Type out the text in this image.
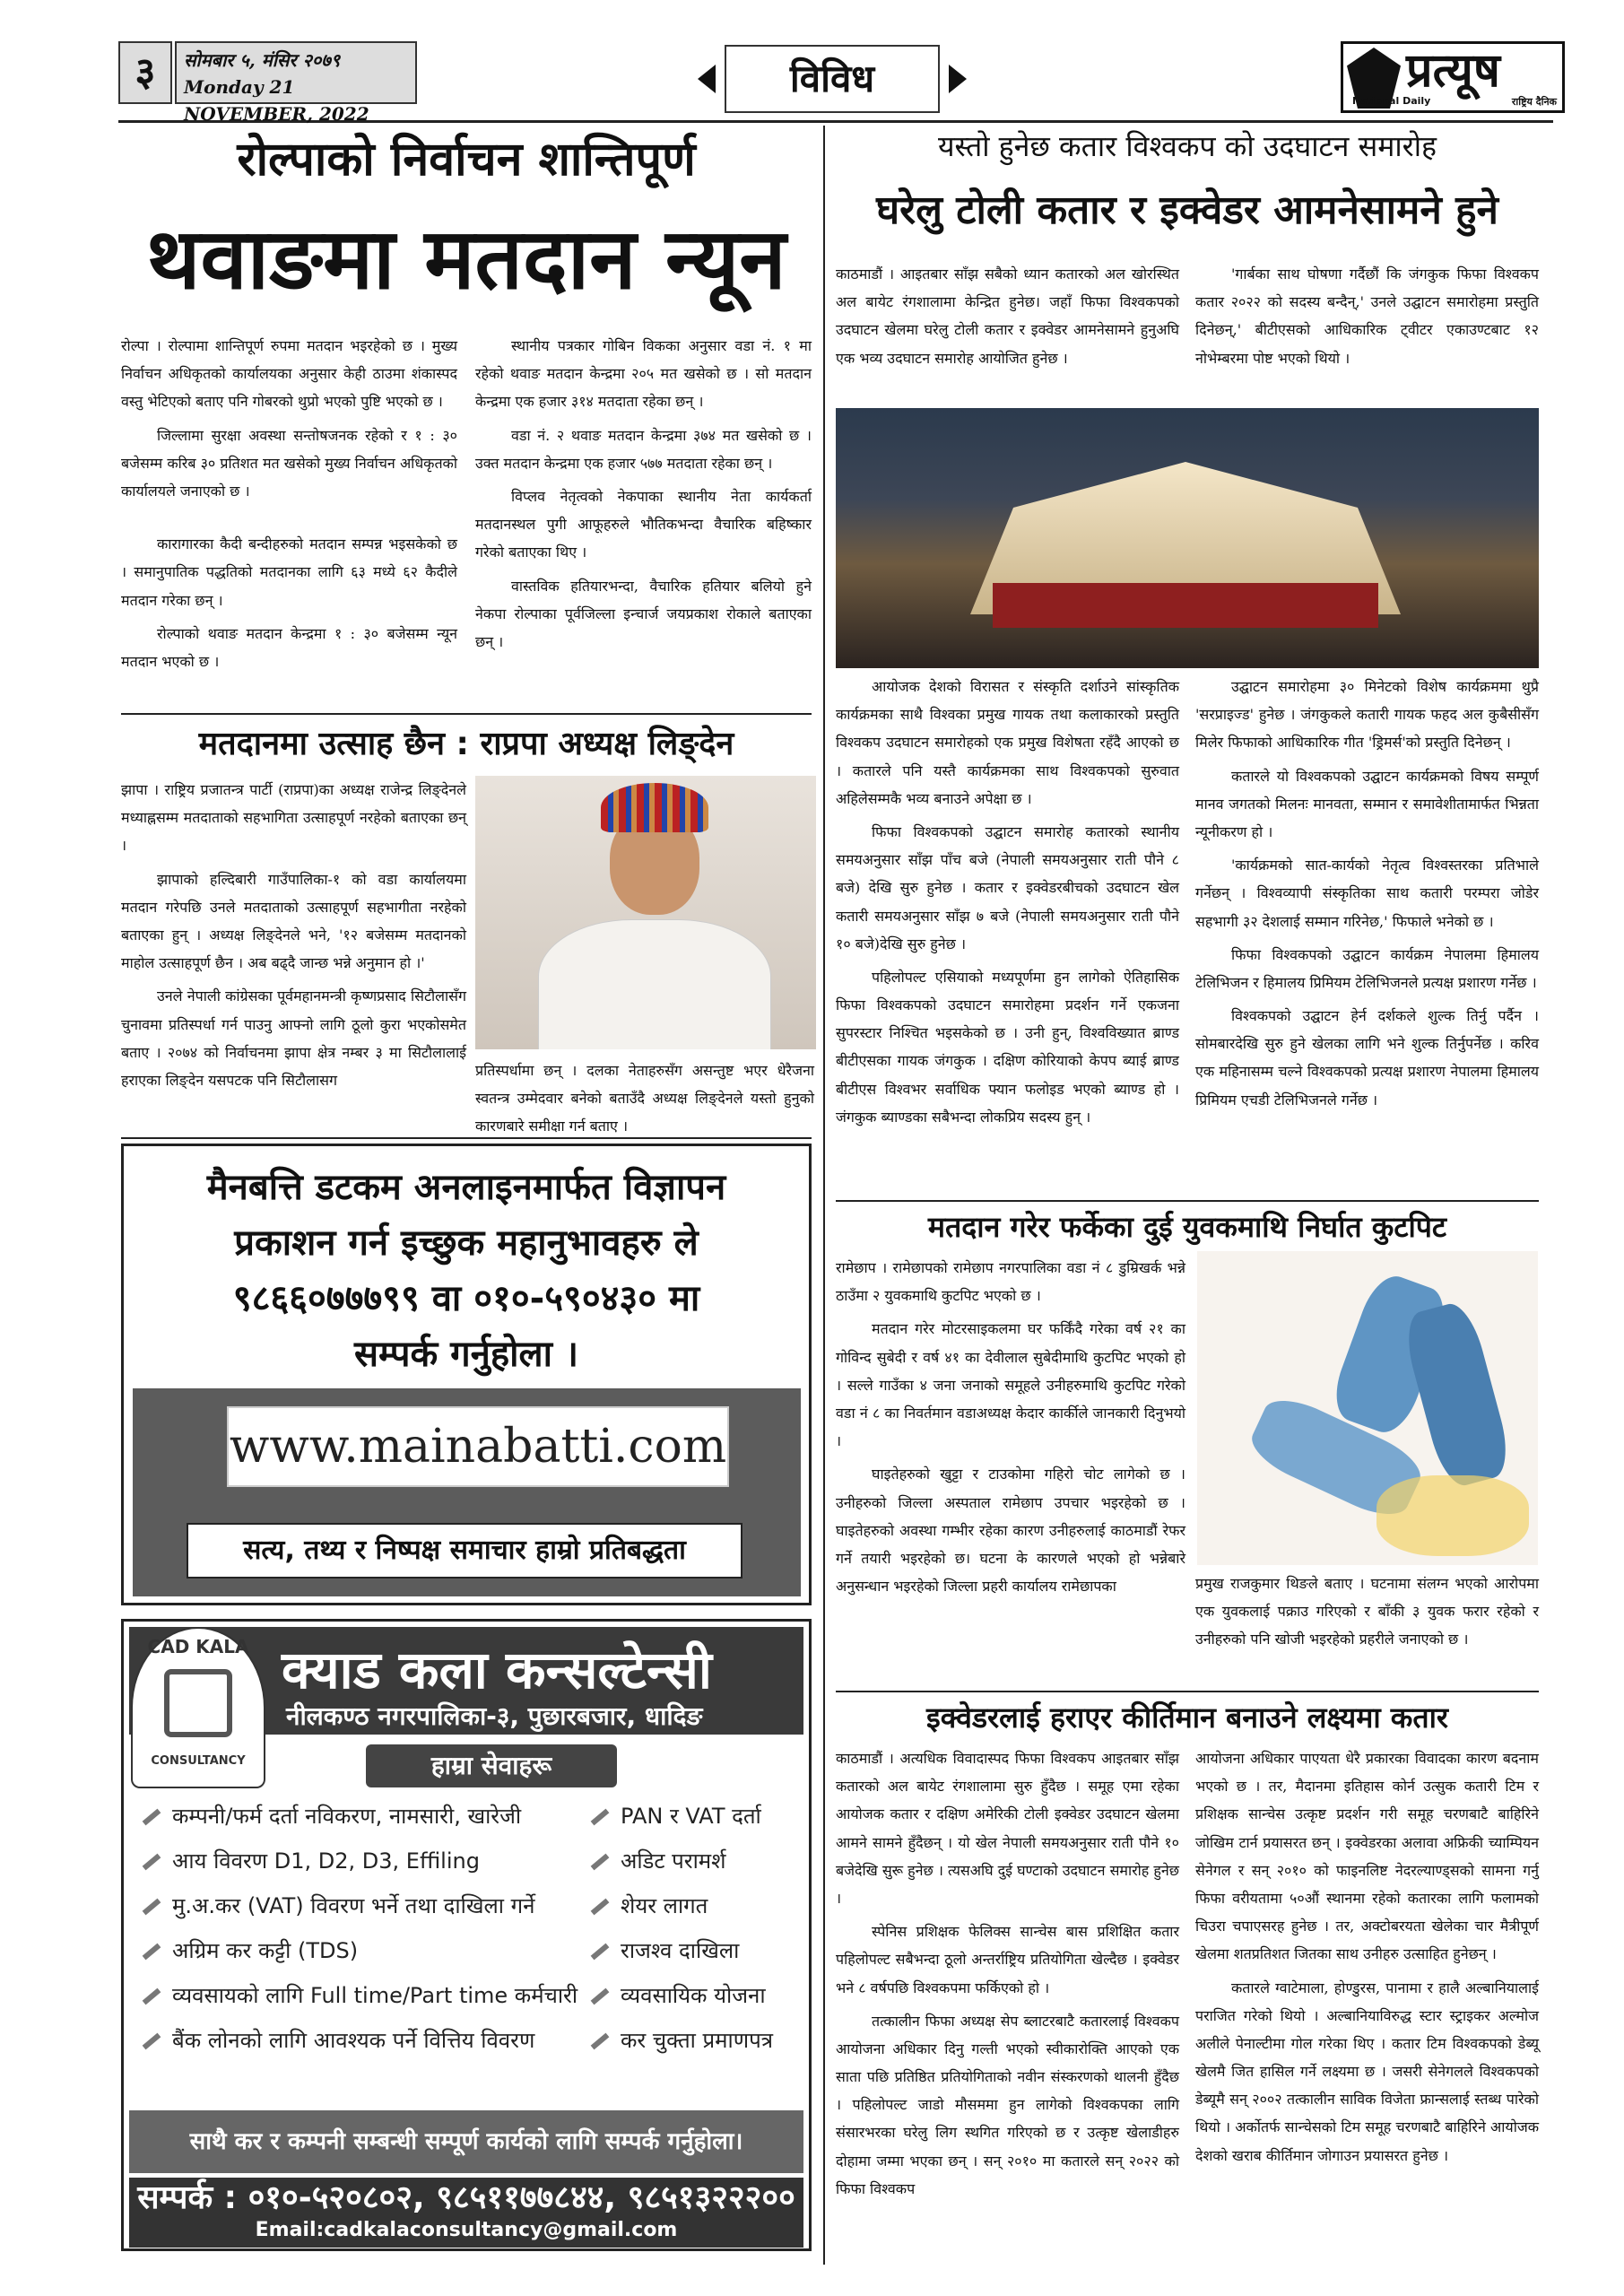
३	सोमबार ५, मंसिर २०७९
Monday 21 NOVEMBER, 2022
विविध	प्रत्यूष
National Daily	राष्ट्रिय दैनिक
रोल्पाको निर्वाचन शान्तिपूर्ण
थवाङमा मतदान न्यून

रोल्पा । रोल्पामा शान्तिपूर्ण रुपमा मतदान भइरहेको छ । मुख्य निर्वाचन अधिकृतको कार्यालयका अनुसार केही ठाउमा शंकास्पद वस्तु भेटिएको बताए पनि गोबरको थुप्रो भएको पुष्टि भएको छ ।

जिल्लामा सुरक्षा अवस्था सन्तोषजनक रहेको र १ : ३० बजेसम्म करिब ३० प्रतिशत मत खसेको मुख्य निर्वाचन अधिकृतको कार्यालयले जनाएको छ ।

कारागारका कैदी बन्दीहरुको मतदान सम्पन्न भइसकेको छ । समानुपातिक पद्धतिको मतदानका लागि ६३ मध्ये ६२ कैदीले मतदान गरेका छन् ।

रोल्पाको थवाङ मतदान केन्द्रमा १ : ३० बजेसम्म न्यून मतदान भएको छ ।

स्थानीय पत्रकार गोबिन विकका अनुसार वडा नं. १ मा रहेको थवाङ मतदान केन्द्रमा २०५ मत खसेको छ । सो मतदान केन्द्रमा एक हजार ३१४ मतदाता रहेका छन् ।

वडा नं. २ थवाङ मतदान केन्द्रमा ३७४ मत खसेको छ । उक्त मतदान केन्द्रमा एक हजार ५७७ मतदाता रहेका छन् ।

विप्लव नेतृत्वको नेकपाका स्थानीय नेता कार्यकर्ता मतदानस्थल पुगी आफूहरुले भौतिकभन्दा वैचारिक बहिष्कार गरेको बताएका थिए ।

वास्तविक हतियारभन्दा, वैचारिक हतियार बलियो हुने नेकपा रोल्पाका पूर्वजिल्ला इन्चार्ज जयप्रकाश रोकाले बताएका छन् ।

मतदानमा उत्साह छैन : राप्रपा अध्यक्ष लिङ्देन

झापा । राष्ट्रिय प्रजातन्त्र पार्टी (राप्रपा)का अध्यक्ष राजेन्द्र लिङ्देनले मध्याह्नसम्म मतदाताको सहभागिता उत्साहपूर्ण नरहेको बताएका छन् ।

झापाको हल्दिबारी गाउँपालिका-१ को वडा कार्यालयमा मतदान गरेपछि उनले मतदाताको उत्साहपूर्ण सहभागीता नरहेको बताएका हुन् । अध्यक्ष लिङ्देनले भने, '१२ बजेसम्म मतदानको माहोल उत्साहपूर्ण छैन । अब बढ्दै जान्छ भन्ने अनुमान हो ।'

उनले नेपाली कांग्रेसका पूर्वमहानमन्त्री कृष्णप्रसाद सिटौलासँग चुनावमा प्रतिस्पर्धा गर्न पाउनु आफ्नो लागि ठूलो कुरा भएकोसमेत बताए । २०७४ को निर्वाचनमा झापा क्षेत्र नम्बर ३ मा सिटौलालाई हराएका लिङ्देन यसपटक पनि सिटौलासग

प्रतिस्पर्धामा छन् । दलका नेताहरुसँग असन्तुष्ट भएर धेरैजना स्वतन्त्र उम्मेदवार बनेको बताउँदै अध्यक्ष लिङ्देनले यस्तो हुनुको कारणबारे समीक्षा गर्न बताए ।

मैनबत्ति डटकम अनलाइनमार्फत विज्ञापन
प्रकाशन गर्न इच्छुक महानुभावहरु ले
९८६६०७७७९९ वा ०१०-५९०४३० मा
सम्पर्क गर्नुहोला ।
www.mainabatti.com
सत्य, तथ्य र निष्पक्ष समाचार हाम्रो प्रतिबद्धता
क्याड कला कन्सल्टेन्सी
नीलकण्ठ नगरपालिका-३, पुछारबजार, धादिङ
CAD KALA
CONSULTANCY	हाम्रा सेवाहरू
कम्पनी/फर्म दर्ता नविकरण, नामसारी, खारेजी
आय विवरण D1, D2, D3, Effiling
मु.अ.कर (VAT) विवरण भर्ने तथा दाखिला गर्ने
अग्रिम कर कट्टी (TDS)
व्यवसायको लागि Full time/Part time कर्मचारी
बैंक लोनको लागि आवश्यक पर्ने वित्तिय विवरण
PAN र VAT दर्ता
अडिट परामर्श
शेयर लागत
राजश्व दाखिला
व्यवसायिक योजना
कर चुक्ता प्रमाणपत्र
साथै कर र कम्पनी सम्बन्धी सम्पूर्ण कार्यको लागि सम्पर्क गर्नुहोला।
सम्पर्क : ०१०-५२०८०२, ९८५११७७८४४, ९८५१३२२२००
Email:cadkalaconsultancy@gmail.com
यस्तो हुनेछ कतार विश्वकप को उदघाटन समारोह
घरेलु टोली कतार र इक्वेडर आमनेसामने हुने

काठमाडौं । आइतबार साँझ सबैको ध्यान कतारको अल खोरस्थित अल बायेट रंगशालामा केन्द्रित हुनेछ। जहाँ फिफा विश्वकपको उदघाटन खेलमा घरेलु टोली कतार र इक्वेडर आमनेसामने हुनुअघि एक भव्य उदघाटन समारोह आयोजित हुनेछ ।

'गार्बका साथ घोषणा गर्दैछौं कि जंगकुक फिफा विश्वकप कतार २०२२ को सदस्य बन्दैन्,' उनले उद्घाटन समारोहमा प्रस्तुति दिनेछन्,' बीटीएसको आधिकारिक ट्वीटर एकाउण्टबाट १२ नोभेम्बरमा पोष्ट भएको थियो ।

आयोजक देशको विरासत र संस्कृति दर्शाउने सांस्कृतिक कार्यक्रमका साथै विश्वका प्रमुख गायक तथा कलाकारको प्रस्तुति विश्वकप उदघाटन समारोहको एक प्रमुख विशेषता रहँदै आएको छ । कतारले पनि यस्तै कार्यक्रमका साथ विश्वकपको सुरुवात अहिलेसम्मकै भव्य बनाउने अपेक्षा छ ।

फिफा विश्वकपको उद्घाटन समारोह कतारको स्थानीय समयअनुसार साँझ पाँच बजे (नेपाली समयअनुसार राती पौने ८ बजे) देखि सुरु हुनेछ । कतार र इक्वेडरबीचको उदघाटन खेल कतारी समयअनुसार साँझ ७ बजे (नेपाली समयअनुसार राती पौने १० बजे)देखि सुरु हुनेछ ।

पहिलोपल्ट एसियाको मध्यपूर्णमा हुन लागेको ऐतिहासिक फिफा विश्वकपको उदघाटन समारोहमा प्रदर्शन गर्ने एकजना सुपरस्टार निश्चित भइसकेको छ । उनी हुन्, विश्वविख्यात ब्राण्ड बीटीएसका गायक जंगकुक । दक्षिण कोरियाको केपप ब्याई ब्राण्ड बीटीएस विश्वभर सर्वाधिक फ्यान फलोइड भएको ब्याण्ड हो । जंगकुक ब्याण्डका सबैभन्दा लोकप्रिय सदस्य हुन् ।

उद्घाटन समारोहमा ३० मिनेटको विशेष कार्यक्रममा थुप्रै 'सरप्राइज्ड' हुनेछ । जंगकुकले कतारी गायक फहद अल कुबैसीसँग मिलेर फिफाको आधिकारिक गीत 'ड्रिमर्स'को प्रस्तुति दिनेछन् ।

कतारले यो विश्वकपको उद्घाटन कार्यक्रमको विषय सम्पूर्ण मानव जगतको मिलनः मानवता, सम्मान र समावेशीतामार्फत भिन्नता न्यूनीकरण हो ।

'कार्यक्रमको सात-कार्यको नेतृत्व विश्वस्तरका प्रतिभाले गर्नेछन् । विश्वव्यापी संस्कृतिका साथ कतारी परम्परा जोडेर सहभागी ३२ देशलाई सम्मान गरिनेछ,' फिफाले भनेको छ ।

फिफा विश्वकपको उद्घाटन कार्यक्रम नेपालमा हिमालय टेलिभिजन र हिमालय प्रिमियम टेलिभिजनले प्रत्यक्ष प्रशारण गर्नेछ ।

विश्वकपको उद्घाटन हेर्न दर्शकले शुल्क तिर्नु पर्दैन । सोमबारदेखि सुरु हुने खेलका लागि भने शुल्क तिर्नुपर्नेछ । करिव एक महिनासम्म चल्ने विश्वकपको प्रत्यक्ष प्रशारण नेपालमा हिमालय प्रिमियम एचडी टेलिभिजनले गर्नेछ ।

मतदान गरेर फर्केका दुई युवकमाथि निर्घात कुटपिट

रामेछाप । रामेछापको रामेछाप नगरपालिका वडा नं ८ डुम्रिखर्क भन्ने ठाउँमा २ युवकमाथि कुटपिट भएको छ ।

मतदान गरेर मोटरसाइकलमा घर फर्किंदै गरेका वर्ष २१ का गोविन्द सुबेदी र वर्ष ४१ का देवीलाल सुबेदीमाथि कुटपिट भएको हो । सल्ले गाउँका ४ जना जनाको समूहले उनीहरुमाथि कुटपिट गरेको वडा नं ८ का निवर्तमान वडाअध्यक्ष केदार कार्कीले जानकारी दिनुभयो ।

घाइतेहरुको खुट्टा र टाउकोमा गहिरो चोट लागेको छ । उनीहरुको जिल्ला अस्पताल रामेछाप उपचार भइरहेको छ । घाइतेहरुको अवस्था गम्भीर रहेका कारण उनीहरुलाई काठमाडौं रेफर गर्ने तयारी भइरहेको छ। घटना के कारणले भएको हो भन्नेबारे अनुसन्धान भइरहेको जिल्ला प्रहरी कार्यालय रामेछापका	प्रमुख राजकुमार थिङले बताए । घटनामा संलग्न भएको आरोपमा एक युवकलाई पक्राउ गरिएको र बाँकी ३ युवक फरार रहेको र उनीहरुको पनि खोजी भइरहेको प्रहरीले जनाएको छ ।

इक्वेडरलाई हराएर कीर्तिमान बनाउने लक्ष्यमा कतार

काठमाडौं । अत्यधिक विवादास्पद फिफा विश्वकप आइतबार साँझ कतारको अल बायेट रंगशालामा सुरु हुँदैछ । समूह एमा रहेका आयोजक कतार र दक्षिण अमेरिकी टोली इक्वेडर उदघाटन खेलमा आमने सामने हुँदैछन् । यो खेल नेपाली समयअनुसार राती पौने १० बजेदेखि सुरू हुनेछ । त्यसअघि दुई घण्टाको उदघाटन समारोह हुनेछ ।

स्पेनिस प्रशिक्षक फेलिक्स सान्चेस बास प्रशिक्षित कतार पहिलोपल्ट सबैभन्दा ठूलो अन्तर्राष्ट्रिय प्रतियोगिता खेल्दैछ । इक्वेडर भने ८ वर्षपछि विश्वकपमा फर्किएको हो ।

तत्कालीन फिफा अध्यक्ष सेप ब्लाटरबाटै कतारलाई विश्वकप आयोजना अधिकार दिनु गल्ती भएको स्वीकारोक्ति आएको एक साता पछि प्रतिष्ठित प्रतियोगिताको नवीन संस्करणको थालनी हुँदैछ । पहिलोपल्ट जाडो मौसममा हुन लागेको विश्वकपका लागि संसारभरका घरेलु लिग स्थगित गरिएको छ र उत्कृष्ट खेलाडीहरु दोहामा जम्मा भएका छन् । सन् २०१० मा कतारले सन् २०२२ को फिफा विश्वकप

आयोजना अधिकार पाएयता धेरै प्रकारका विवादका कारण बदनाम भएको छ । तर, मैदानमा इतिहास कोर्न उत्सुक कतारी टिम र प्रशिक्षक सान्चेस उत्कृष्ट प्रदर्शन गरी समूह चरणबाटै बाहिरिने जोखिम टार्न प्रयासरत छन् । इक्वेडरका अलावा अफ्रिकी च्याम्पियन सेनेगल र सन् २०१० को फाइनलिष्ट नेदरल्याण्ड्सको सामना गर्नु फिफा वरीयतामा ५०औं स्थानमा रहेको कतारका लागि फलामको चिउरा चपाएसरह हुनेछ । तर, अक्टोबरयता खेलेका चार मैत्रीपूर्ण खेलमा शतप्रतिशत जितका साथ उनीहरु उत्साहित हुनेछन् ।

कतारले ग्वाटेमाला, होण्डुरस, पानामा र हालै अल्बानियालाई पराजित गरेको थियो । अल्बानियाविरुद्ध स्टार स्ट्राइकर अल्मोज अलीले पेनाल्टीमा गोल गरेका थिए । कतार टिम विश्वकपको डेब्यू खेलमै जित हासिल गर्ने लक्ष्यमा छ । जसरी सेनेगलले विश्वकपको डेब्यूमै सन् २००२ तत्कालीन साविक विजेता फ्रान्सलाई स्तब्ध पारेको थियो । अर्कोतर्फ सान्चेसको टिम समूह चरणबाटै बाहिरिने आयोजक देशको खराब कीर्तिमान जोगाउन प्रयासरत हुनेछ ।
